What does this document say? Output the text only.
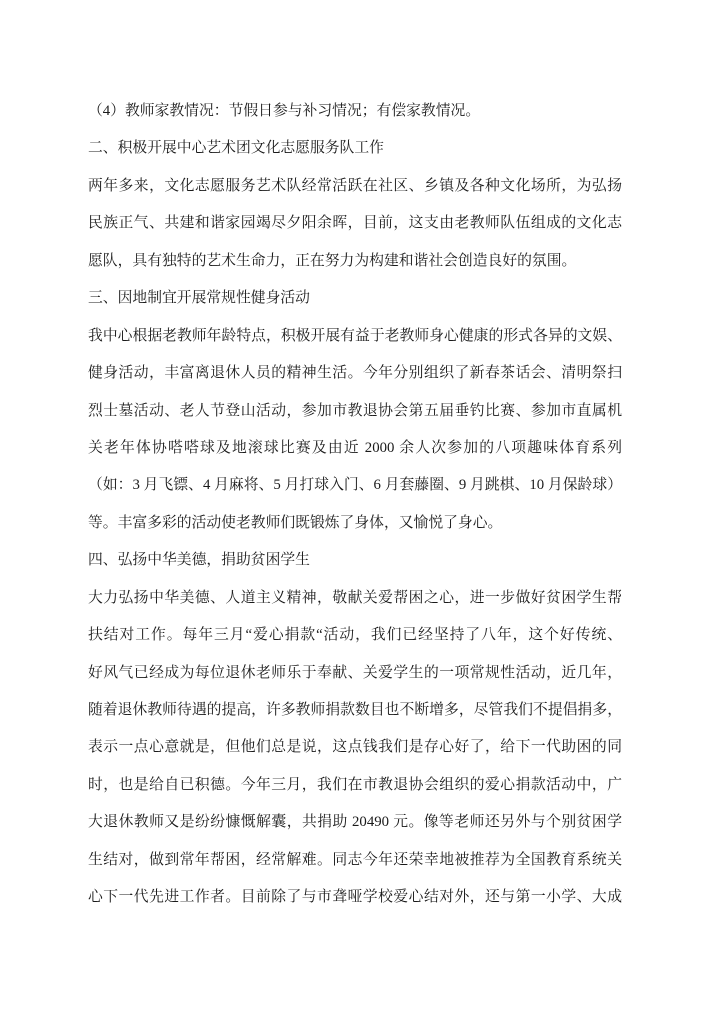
（4）教师家教情况：节假日参与补习情况；有偿家教情况。
二、积极开展中心艺术团文化志愿服务队工作
两年多来，文化志愿服务艺术队经常活跃在社区、乡镇及各种文化场所，为弘扬
民族正气、共建和谐家园竭尽夕阳余晖，目前，这支由老教师队伍组成的文化志
愿队，具有独特的艺术生命力，正在努力为构建和谐社会创造良好的氛围。
三、因地制宜开展常规性健身活动
我中心根据老教师年龄特点，积极开展有益于老教师身心健康的形式各异的文娱、
健身活动，丰富离退休人员的精神生活。今年分别组织了新春茶话会、清明祭扫
烈士墓活动、老人节登山活动，参加市教退协会第五届垂钓比赛、参加市直属机
关老年体协嗒嗒球及地滚球比赛及由近 2000 余人次参加的八项趣味体育系列
（如：3 月飞镖、4 月麻将、5 月打球入门、6 月套藤圈、9 月跳棋、10 月保龄球）
等。丰富多彩的活动使老教师们既锻炼了身体，又愉悦了身心。
四、弘扬中华美德，捐助贫困学生
大力弘扬中华美德、人道主义精神，敬献关爱帮困之心，进一步做好贫困学生帮
扶结对工作。每年三月“爱心捐款“活动，我们已经坚持了八年，这个好传统、
好风气已经成为每位退休老师乐于奉献、关爱学生的一项常规性活动，近几年，
随着退休教师待遇的提高，许多教师捐款数目也不断增多，尽管我们不提倡捐多，
表示一点心意就是，但他们总是说，这点钱我们是存心好了，给下一代助困的同
时，也是给自已积德。今年三月，我们在市教退协会组织的爱心捐款活动中，广
大退休教师又是纷纷慷慨解囊，共捐助 20490 元。像等老师还另外与个别贫困学
生结对，做到常年帮困，经常解难。同志今年还荣幸地被推荐为全国教育系统关
心下一代先进工作者。目前除了与市聋哑学校爱心结对外，还与第一小学、大成
